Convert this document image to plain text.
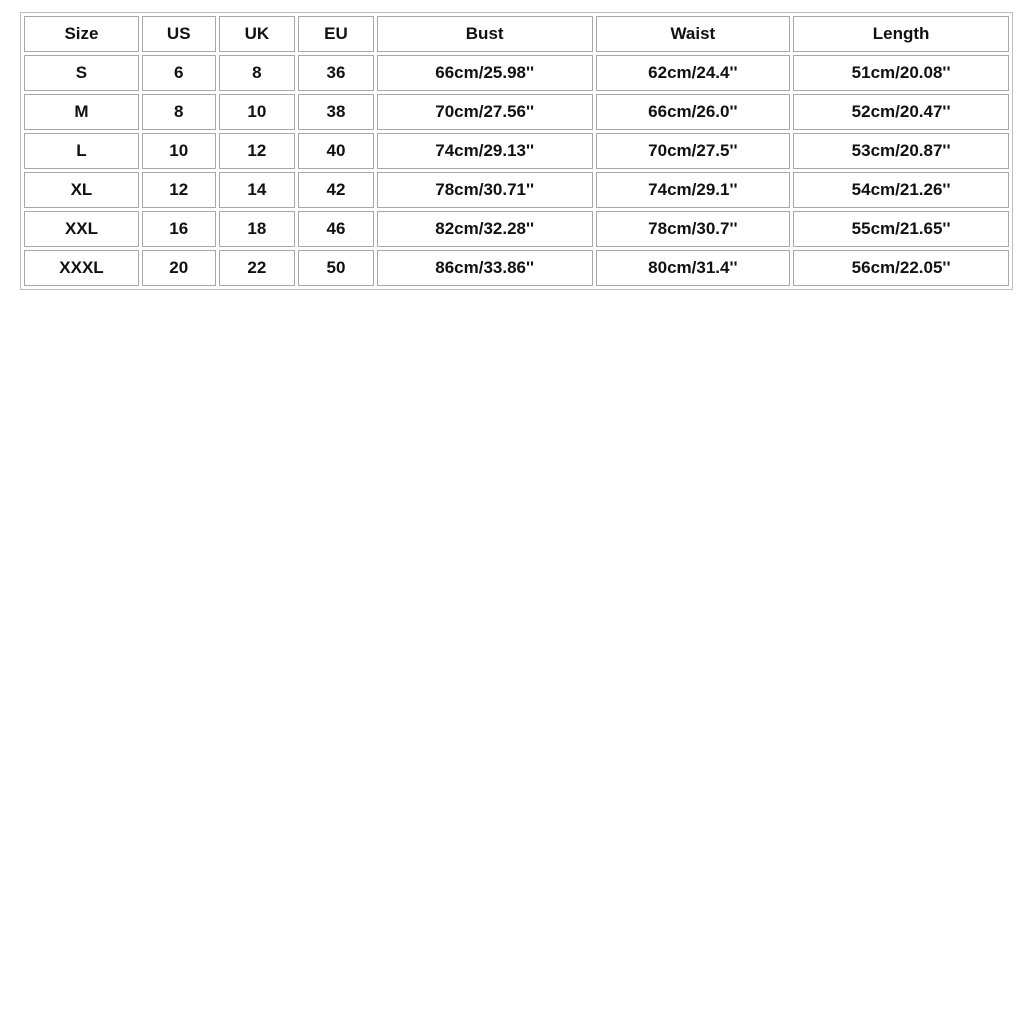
Size	US	UK	EU	Bust	Waist	Length
S	6	8	36	66cm/25.98''	62cm/24.4''	51cm/20.08''
M	8	10	38	70cm/27.56''	66cm/26.0''	52cm/20.47''
L	10	12	40	74cm/29.13''	70cm/27.5''	53cm/20.87''
XL	12	14	42	78cm/30.71''	74cm/29.1''	54cm/21.26''
XXL	16	18	46	82cm/32.28''	78cm/30.7''	55cm/21.65''
XXXL	20	22	50	86cm/33.86''	80cm/31.4''	56cm/22.05''
